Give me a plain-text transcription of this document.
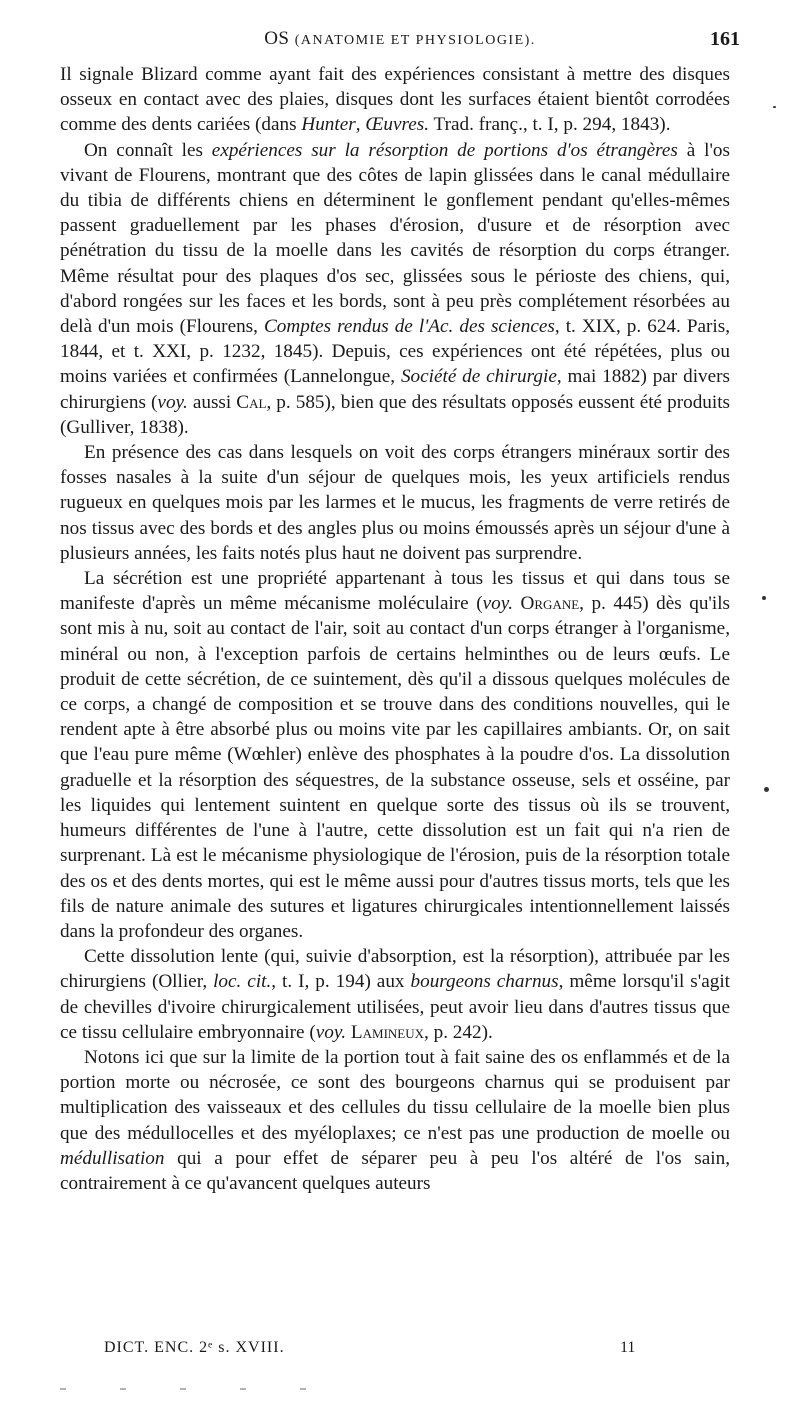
OS (ANATOMIE ET PHYSIOLOGIE).	161

Il signale Blizard comme ayant fait des expériences consistant à mettre des disques osseux en contact avec des plaies, disques dont les surfaces étaient bientôt corrodées comme des dents cariées (dans Hunter, Œuvres. Trad. franç., t. I, p. 294, 1843).

On connaît les expériences sur la résorption de portions d'os étrangères à l'os vivant de Flourens, montrant que des côtes de lapin glissées dans le canal médullaire du tibia de différents chiens en déterminent le gonflement pendant qu'elles-mêmes passent graduellement par les phases d'érosion, d'usure et de résorption avec pénétration du tissu de la moelle dans les cavités de résorption du corps étranger. Même résultat pour des plaques d'os sec, glissées sous le périoste des chiens, qui, d'abord rongées sur les faces et les bords, sont à peu près complétement résorbées au delà d'un mois (Flourens, Comptes rendus de l'Ac. des sciences, t. XIX, p. 624. Paris, 1844, et t. XXI, p. 1232, 1845). Depuis, ces expériences ont été répétées, plus ou moins variées et confirmées (Lannelongue, Société de chirurgie, mai 1882) par divers chirurgiens (voy. aussi Cal, p. 585), bien que des résultats opposés eussent été produits (Gulliver, 1838).

En présence des cas dans lesquels on voit des corps étrangers minéraux sortir des fosses nasales à la suite d'un séjour de quelques mois, les yeux artificiels rendus rugueux en quelques mois par les larmes et le mucus, les fragments de verre retirés de nos tissus avec des bords et des angles plus ou moins émoussés après un séjour d'une à plusieurs années, les faits notés plus haut ne doivent pas surprendre.

La sécrétion est une propriété appartenant à tous les tissus et qui dans tous se manifeste d'après un même mécanisme moléculaire (voy. Organe, p. 445) dès qu'ils sont mis à nu, soit au contact de l'air, soit au contact d'un corps étranger à l'organisme, minéral ou non, à l'exception parfois de certains helminthes ou de leurs œufs. Le produit de cette sécrétion, de ce suintement, dès qu'il a dissous quelques molécules de ce corps, a changé de composition et se trouve dans des conditions nouvelles, qui le rendent apte à être absorbé plus ou moins vite par les capillaires ambiants. Or, on sait que l'eau pure même (Wœhler) enlève des phosphates à la poudre d'os. La dissolution graduelle et la résorption des séquestres, de la substance osseuse, sels et osséine, par les liquides qui lentement suintent en quelque sorte des tissus où ils se trouvent, humeurs différentes de l'une à l'autre, cette dissolution est un fait qui n'a rien de surprenant. Là est le mécanisme physiologique de l'érosion, puis de la résorption totale des os et des dents mortes, qui est le même aussi pour d'autres tissus morts, tels que les fils de nature animale des sutures et ligatures chirurgicales intentionnellement laissés dans la profondeur des organes.

Cette dissolution lente (qui, suivie d'absorption, est la résorption), attribuée par les chirurgiens (Ollier, loc. cit., t. I, p. 194) aux bourgeons charnus, même lorsqu'il s'agit de chevilles d'ivoire chirurgicalement utilisées, peut avoir lieu dans d'autres tissus que ce tissu cellulaire embryonnaire (voy. Lamineux, p. 242).

Notons ici que sur la limite de la portion tout à fait saine des os enflammés et de la portion morte ou nécrosée, ce sont des bourgeons charnus qui se produisent par multiplication des vaisseaux et des cellules du tissu cellulaire de la moelle bien plus que des médullocelles et des myéloplaxes; ce n'est pas une production de moelle ou médullisation qui a pour effet de séparer peu à peu l'os altéré de l'os sain, contrairement à ce qu'avancent quelques auteurs

DICT. ENC. 2ᵉ s. XVIII.	11
